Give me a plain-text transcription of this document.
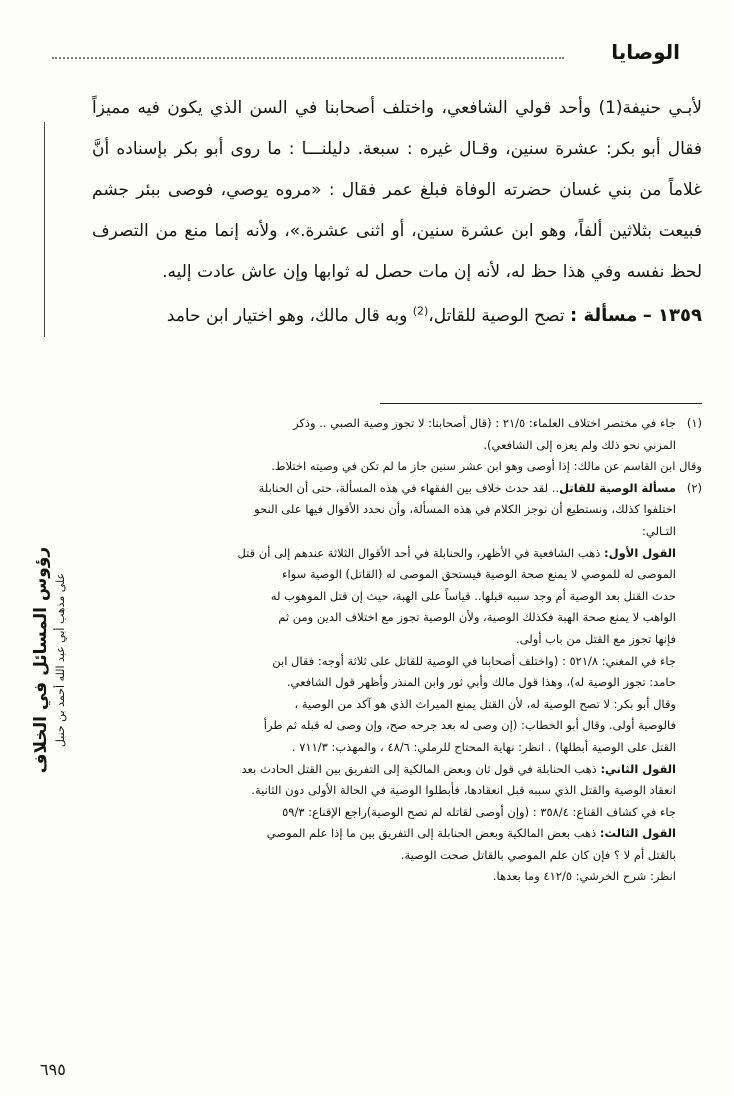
الوصايا
رؤوس المسائل في الخلاف على مذهب أبي عبد الله أحمد بن حنبل

لأبـي حنيفة(1) وأحد قولي الشافعي، واختلف أصحابنا في السن الذي يكون فيه مميزاً فقال أبو بكر: عشرة سنين، وقـال غيره : سبعة. دليلنـــا : ما روى أبو بكر بإسناده أنَّ غلاماً من بني غسان حضرته الوفاة فبلغ عمر فقال : «مروه يوصي، فوصى ببئر جشم فبيعت بثلاثين ألفاً، وهو ابن عشرة سنين، أو اثنى عشرة.»، ولأنه إنما منع من التصرف لحظ نفسه وفي هذا حظ له، لأنه إن مات حصل له ثوابها وإن عاش عادت إليه.

١٣٥٩ – مسألة : تصح الوصية للقاتل،$^{(2)}$ وبه قال مالك، وهو اختيار ابن حامد

(١)جاء في مختصر اختلاف العلماء: ٢١/٥ : (قال أصحابنا: لا تجوز وصية الصبي .. وذكر

المزني نحو ذلك ولم يعزه إلى الشافعي).

وقال ابن القاسم عن مالك: إذا أوصى وهو ابن عشر سنين جاز ما لم تكن في وصيته اختلاط.

(٢)مسألة الوصية للقاتل.. لقد حدث خلاف بين الفقهاء في هذه المسألة، حتى أن الحنابلة

اختلفوا كذلك، ونستطيع أن نوجز الكلام في هذه المسألة، وأن نحدد الأقوال فيها على النحو

التـالي:

القول الأول: ذهب الشافعية في الأظهر، والحنابلة في أحد الأقوال الثلاثة عندهم إلى أن قتل

الموصى له للموصي لا يمنع صحة الوصية فيستحق الموصى له (القاتل) الوصية سواء

حدث القتل بعد الوصية أم وجد سببه قبلها.. قياساً على الهبة، حيث إن قتل الموهوب له

الواهب لا يمنع صحة الهبة فكذلك الوصية، ولأن الوصية تجوز مع اختلاف الدين ومن ثم

فإنها تجوز مع القتل من باب أولى.

جاء في المغني: ٥٢١/٨ : (واختلف أصحابنا في الوصية للقاتل على ثلاثة أوجه: فقال ابن

حامد: تجوز الوصية له)، وهذا قول مالك وأبي ثور وابن المنذر وأظهر قول الشافعي.

وقال أبو بكر: لا تصح الوصية له، لأن القتل يمنع الميراث الذي هو آكد من الوصية ،

فالوصية أولى. وقال أبو الخطاب: (إن وصى له بعد جرحه صح، وإن وصى له قبله ثم طرأ

القتل على الوصية أبطلها) . انظر: نهاية المحتاج للرملي: ٤٨/٦ ، والمهذب: ٧١١/٣ .

القول الثاني: ذهب الحنابلة في قول ثان وبعض المالكية إلى التفريق بين القتل الحادث بعد

انعقاد الوصية والقتل الذي سببه قبل انعقادها، فأبطلوا الوصية في الحالة الأولى دون الثانية.

جاء في كشاف القناع: ٣٥٨/٤ : (وإن أوصى لقاتله لم تصح الوصية)راجع الإقناع: ٥٩/٣

القول الثالث: ذهب بعض المالكية وبعض الحنابلة إلى التفريق بين ما إذا علم الموصي

بالقتل أم لا ؟ فإن كان علم الموصي بالقاتل صحت الوصية.

انظر: شرح الخرشي: ٤١٢/٥ وما بعدها.

٦٩٥
